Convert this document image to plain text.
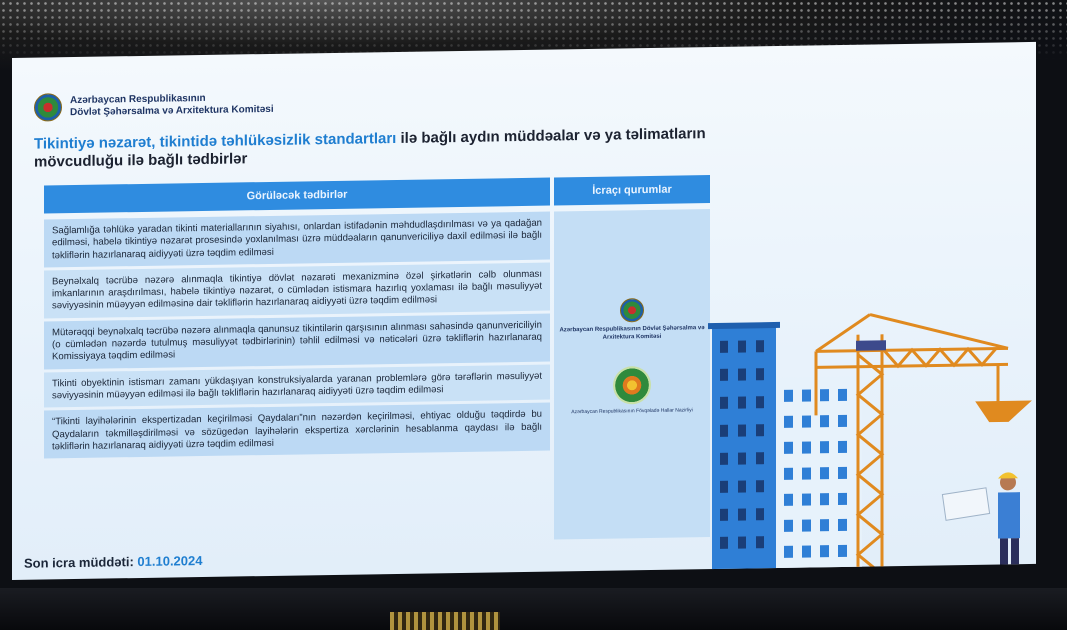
Azərbaycan Respublikasının
Dövlət Şəhərsalma və Arxitektura Komitəsi
Tikintiyə nəzarət, tikintidə təhlükəsizlik standartları ilə bağlı aydın müddəalar və ya təlimatların mövcudluğu ilə bağlı tədbirlər
Görüləcək tədbirlər	İcraçı qurumlar
Sağlamlığa təhlükə yaradan tikinti materiallarının siyahısı, onlardan istifadənin məhdudlaşdırılması və ya qadağan edilməsi, habelə tikintiyə nəzarət prosesində yoxlanılması üzrə müddəaların qanunvericiliyə daxil edilməsi ilə bağlı təkliflərin hazırlanaraq aidiyyəti üzrə təqdim edilməsi
Beynəlxalq təcrübə nəzərə alınmaqla tikintiyə dövlət nəzarəti mexanizminə özəl şirkətlərin cəlb olunması imkanlarının araşdırılması, habelə tikintiyə nəzarət, o cümlədən istismara hazırlıq yoxlaması ilə bağlı məsuliyyət səviyyəsinin müəyyən edilməsinə dair təkliflərin hazırlanaraq aidiyyəti üzrə təqdim edilməsi
Mütərəqqi beynəlxalq təcrübə nəzərə alınmaqla qanunsuz tikintilərin qarşısının alınması sahəsində qanunvericiliyin (o cümlədən nəzərdə tutulmuş məsuliyyət tədbirlərinin) təhlil edilməsi və nəticələri üzrə təkliflərin hazırlanaraq Komissiyaya təqdim edilməsi
Tikinti obyektinin istismarı zamanı yükdaşıyan konstruksiyalarda yaranan problemlərə görə tərəflərin məsuliyyət səviyyəsinin müəyyən edilməsi ilə bağlı təkliflərin hazırlanaraq aidiyyəti üzrə təqdim edilməsi
“Tikinti layihələrinin ekspertizadan keçirilməsi Qaydaları”nın nəzərdən keçirilməsi, ehtiyac olduğu təqdirdə bu Qaydaların təkmilləşdirilməsi və sözügedən layihələrin ekspertiza xərclərinin hesablanma qaydası ilə bağlı təkliflərin hazırlanaraq aidiyyəti üzrə təqdim edilməsi
Azərbaycan Respublikasının Dövlət Şəhərsalma və Arxitektura Komitəsi
Azərbaycan Respublikasının Fövqəladə Hallar Nazirliyi
Son icra müddəti: 01.10.2024
